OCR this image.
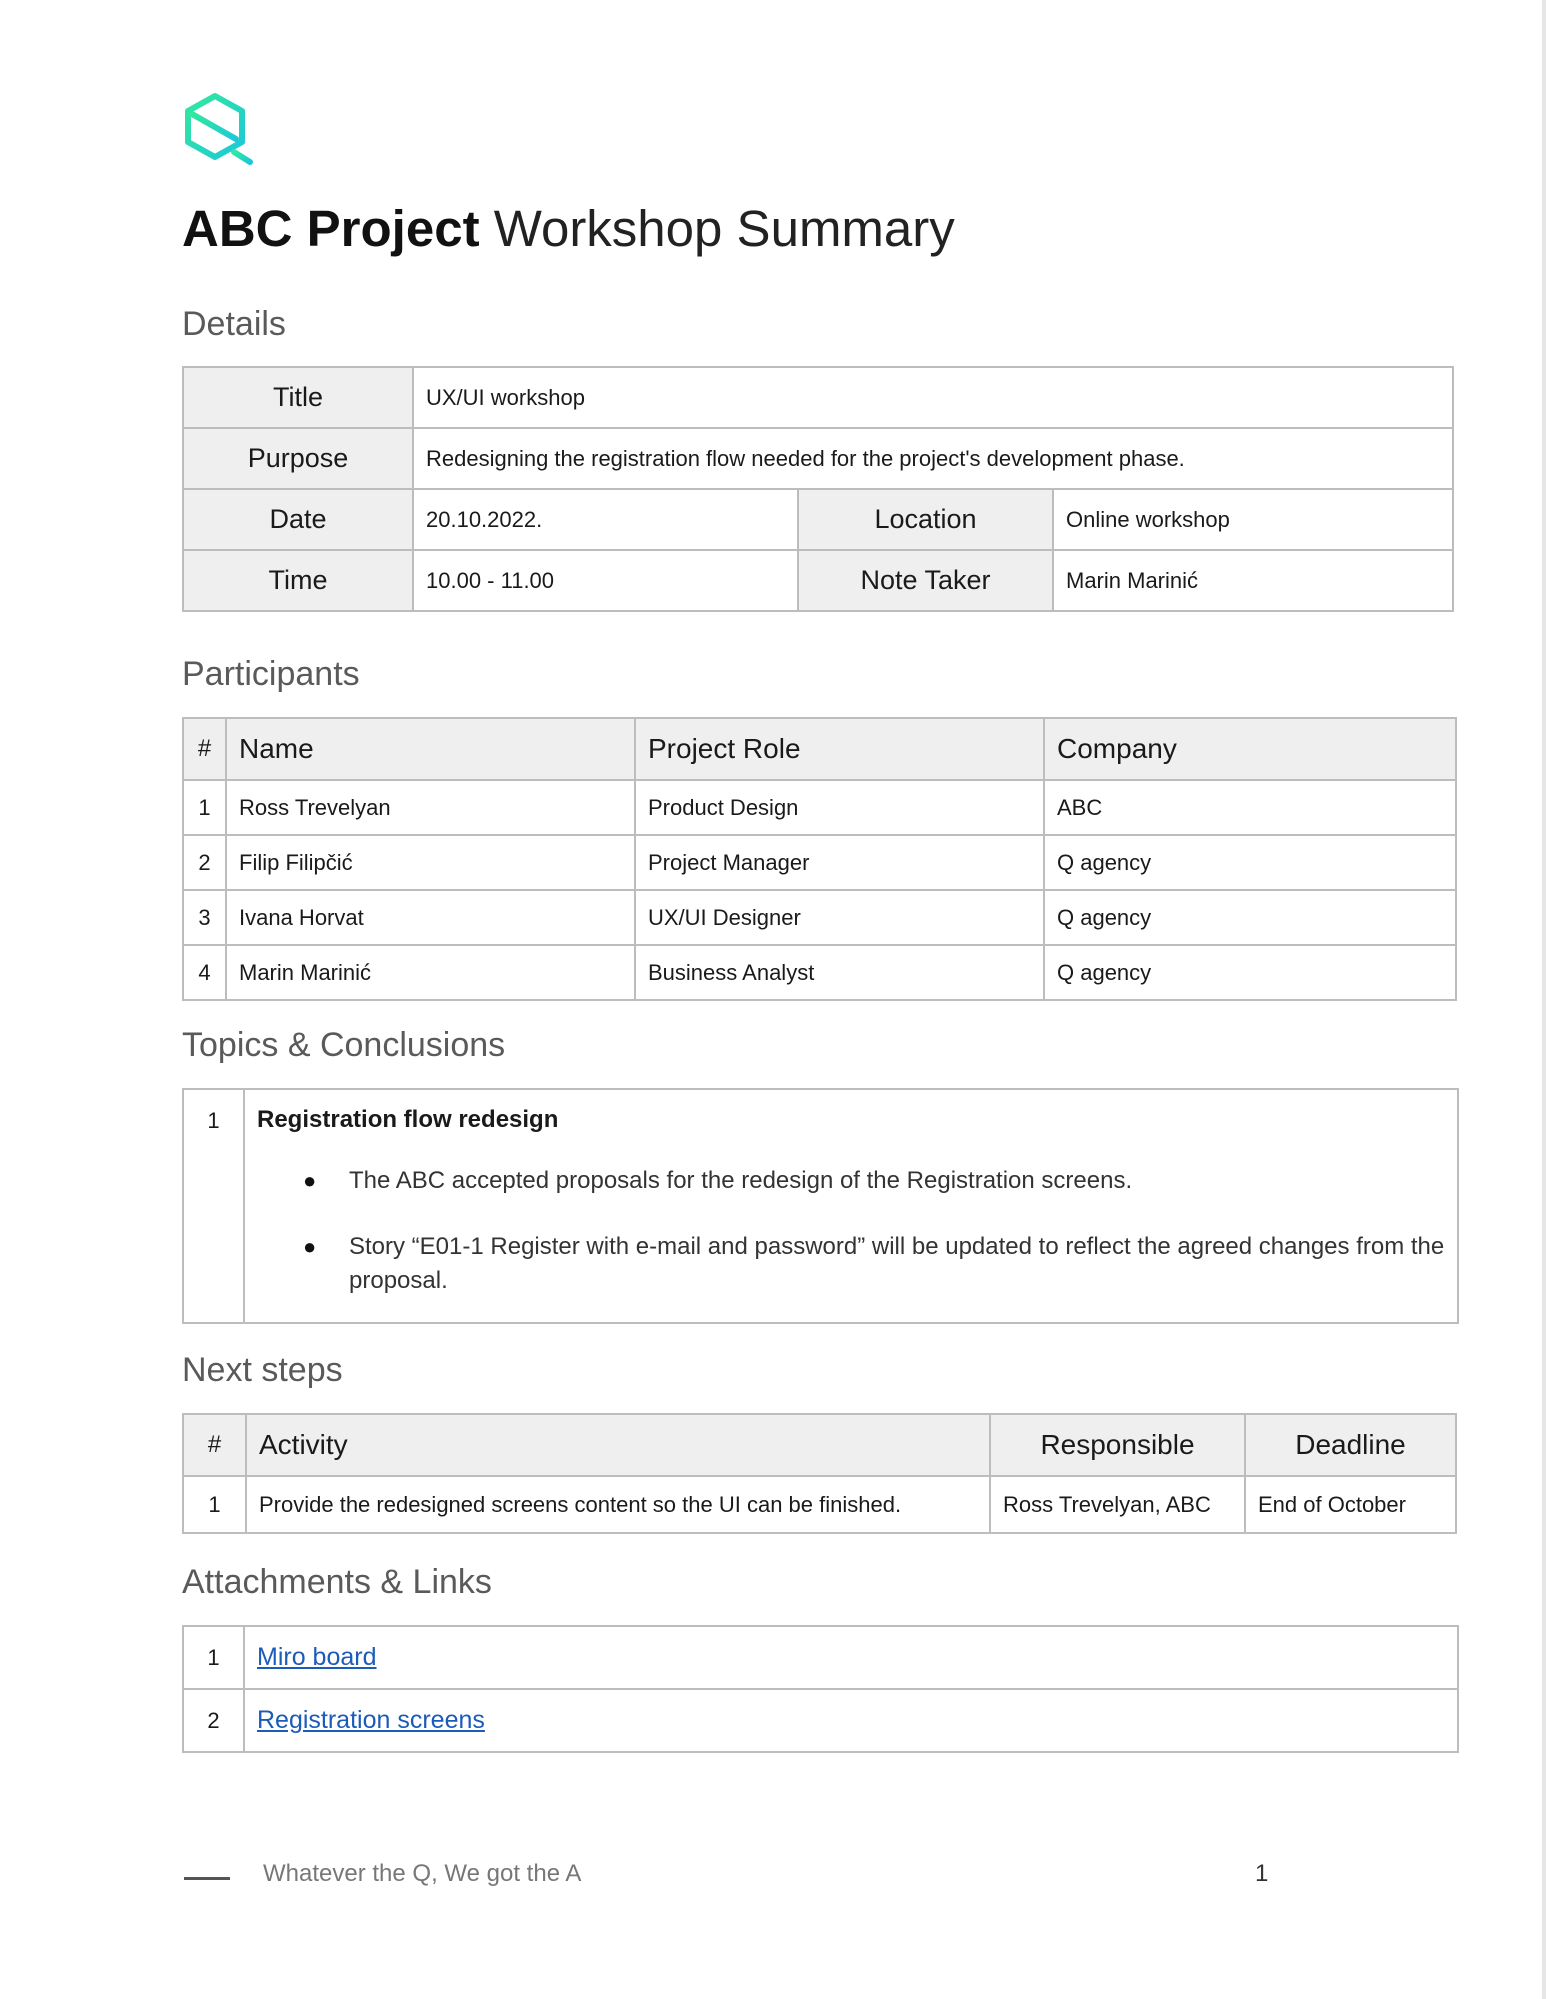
ABC Project Workshop Summary
Details
Title	UX/UI workshop		
Purpose	Redesigning the registration flow needed for the project's development phase.		
Date	20.10.2022.	Location	Online workshop
Time	10.00 - 11.00	Note Taker	Marin Marinić
Participants
#	Name	Project Role	Company
1	Ross Trevelyan	Product Design	ABC
2	Filip Filipčić	Project Manager	Q agency
3	Ivana Horvat	UX/UI Designer	Q agency
4	Marin Marinić	Business Analyst	Q agency
Topics & Conclusions
1	Registration flow redesign
● The ABC accepted proposals for the redesign of the Registration screens.
● Story “E01-1 Register with e-mail and password” will be updated to reflect the agreed changes from the proposal.
Next steps
#	Activity	Responsible	Deadline
1	Provide the redesigned screens content so the UI can be finished.	Ross Trevelyan, ABC	End of October
Attachments & Links
1	Miro board
2	Registration screens
Whatever the Q, We got the A	1
